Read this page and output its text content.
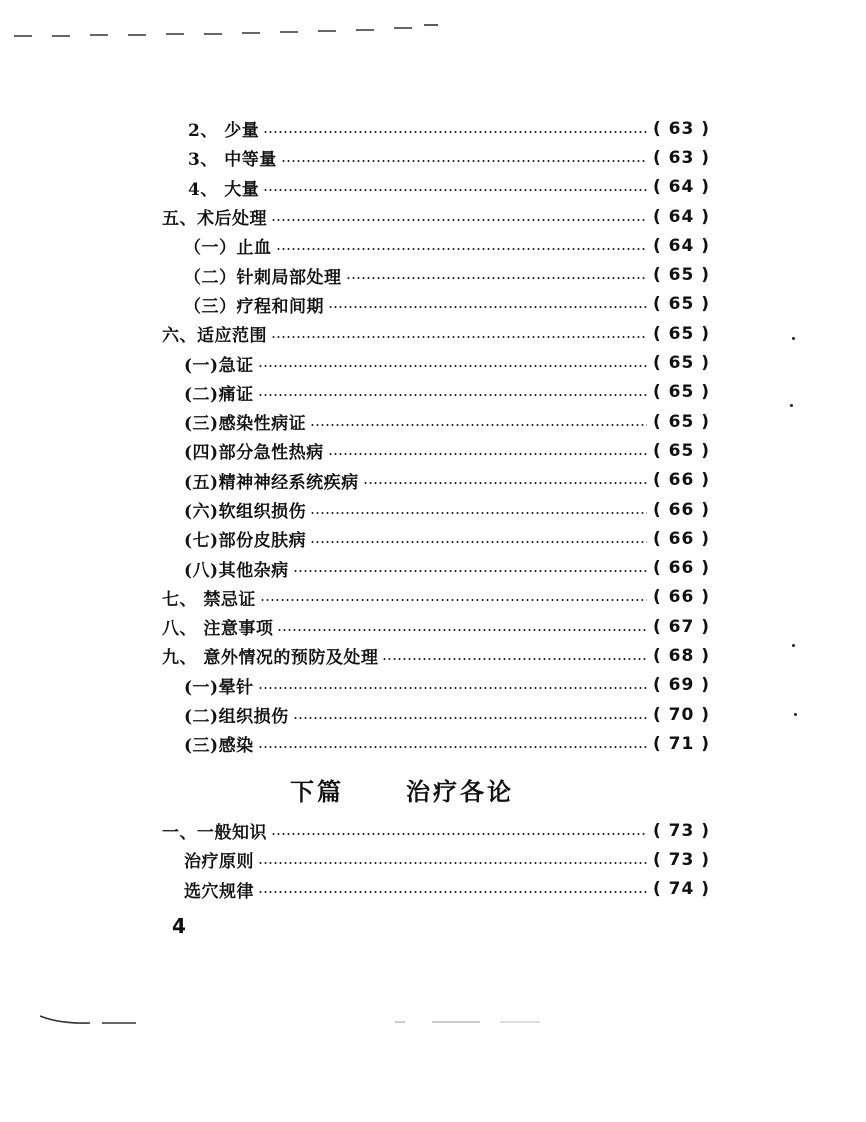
2、 少量	( 63 )
3、 中等量	( 63 )
4、 大量	( 64 )
五、术后处理	( 64 )
（一）止血	( 64 )
（二）针刺局部处理	( 65 )
（三）疗程和间期	( 65 )
六、适应范围	( 65 )
(一)急证	( 65 )
(二)痛证	( 65 )
(三)感染性病证	( 65 )
(四)部分急性热病	( 65 )
(五)精神神经系统疾病	( 66 )
(六)软组织损伤	( 66 )
(七)部份皮肤病	( 66 )
(八)其他杂病	( 66 )
七、 禁忌证	( 66 )
八、 注意事项	( 67 )
九、 意外情况的预防及处理	( 68 )
(一)晕针	( 69 )
(二)组织损伤	( 70 )
(三)感染	( 71 )
下篇	治疗各论
一、一般知识	( 73 )
治疗原则	( 73 )
选穴规律	( 74 )
4
